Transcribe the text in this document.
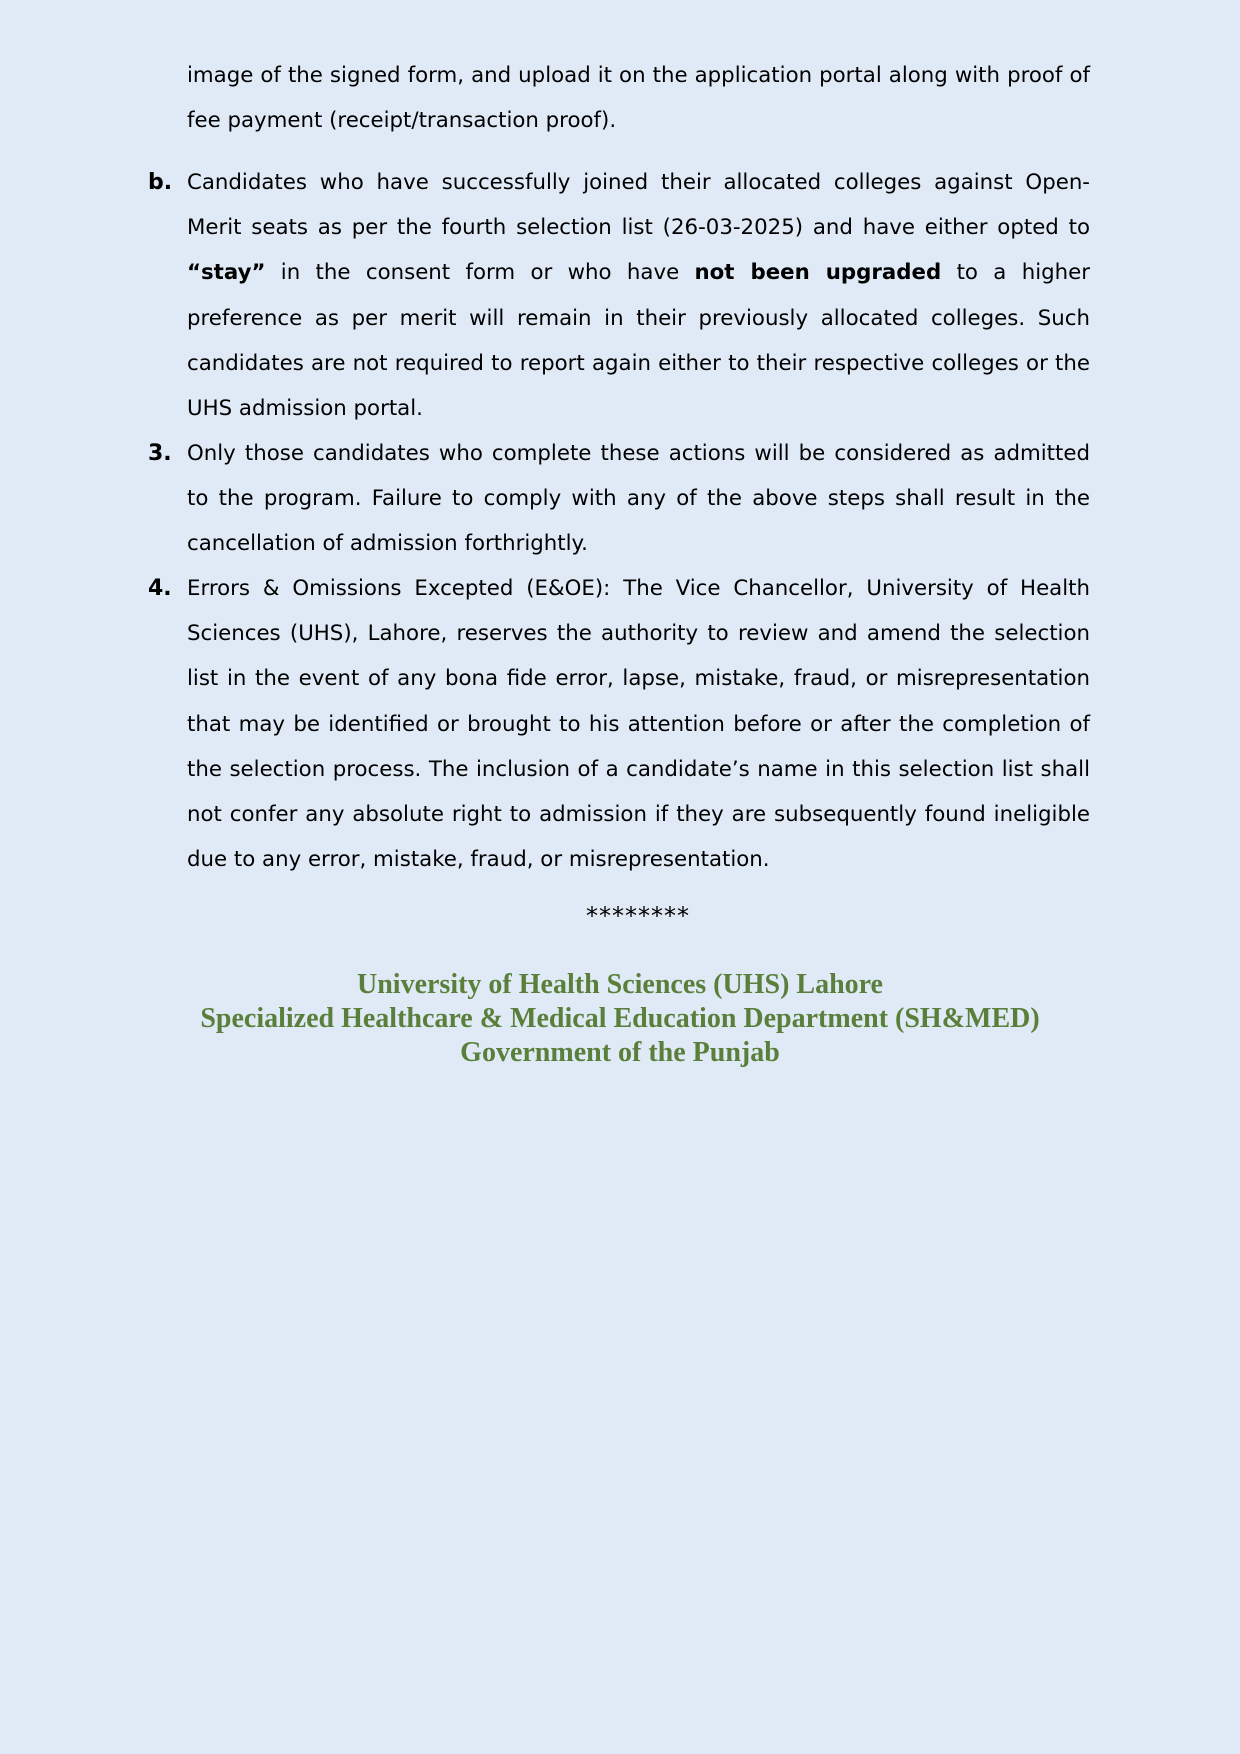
image of the signed form, and upload it on the application portal along with proof of fee payment (receipt/transaction proof).
b. Candidates who have successfully joined their allocated colleges against Open-Merit seats as per the fourth selection list (26-03-2025) and have either opted to “stay” in the consent form or who have not been upgraded to a higher preference as per merit will remain in their previously allocated colleges. Such candidates are not required to report again either to their respective colleges or the UHS admission portal.
3. Only those candidates who complete these actions will be considered as admitted to the program. Failure to comply with any of the above steps shall result in the cancellation of admission forthrightly.
4. Errors & Omissions Excepted (E&OE): The Vice Chancellor, University of Health Sciences (UHS), Lahore, reserves the authority to review and amend the selection list in the event of any bona fide error, lapse, mistake, fraud, or misrepresentation that may be identified or brought to his attention before or after the completion of the selection process. The inclusion of a candidate’s name in this selection list shall not confer any absolute right to admission if they are subsequently found ineligible due to any error, mistake, fraud, or misrepresentation.
********
University of Health Sciences (UHS) Lahore
Specialized Healthcare & Medical Education Department (SH&MED)
Government of the Punjab
